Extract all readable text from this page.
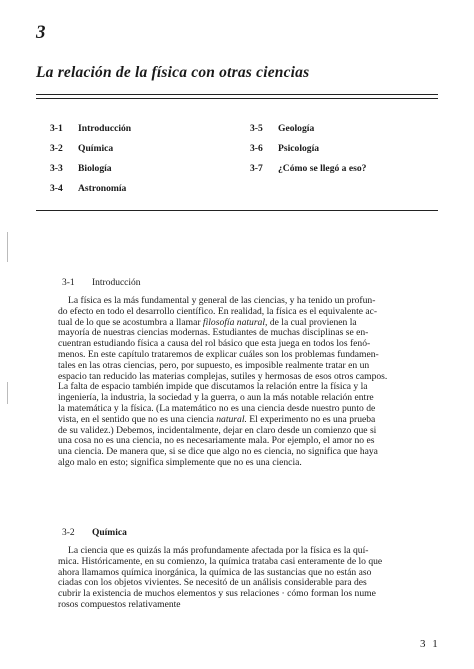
3
La relación de la física con otras ciencias
3-1 Introducción
3-2 Química
3-3 Biología
3-4 Astronomía
3-5 Geología
3-6 Psicología
3-7 ¿Cómo se llegó a eso?
3-1 Introducción
La física es la más fundamental y general de las ciencias, y ha tenido un profun-
do efecto en todo el desarrollo científico. En realidad, la física es el equivalente ac-
tual de lo que se acostumbra a llamar filosofía natural, de la cual provienen la
mayoría de nuestras ciencias modernas. Estudiantes de muchas disciplinas se en-
cuentran estudiando física a causa del rol básico que esta juega en todos los fenó-
menos. En este capítulo trataremos de explicar cuáles son los problemas fundamen-
tales en las otras ciencias, pero, por supuesto, es imposible realmente tratar en un
espacio tan reducido las materias complejas, sutiles y hermosas de esos otros campos.
La falta de espacio también impide que discutamos la relación entre la física y la
ingeniería, la industria, la sociedad y la guerra, o aun la más notable relación entre
la matemática y la física. (La matemático no es una ciencia desde nuestro punto de
vista, en el sentido que no es una ciencia natural. El experimento no es una prueba
de su validez.) Debemos, incidentalmente, dejar en claro desde un comienzo que si
una cosa no es una ciencia, no es necesariamente mala. Por ejemplo, el amor no es
una ciencia. De manera que, si se dice que algo no es ciencia, no significa que haya
algo malo en esto; significa simplemente que no es una ciencia.
3-2 Química
La ciencia que es quizás la más profundamente afectada por la física es la quí-
mica. Históricamente, en su comienzo, la química trataba casi enteramente de lo que
ahora llamamos química inorgánica, la química de las sustancias que no están aso
ciadas con los objetos vivientes. Se necesitó de un análisis considerable para des
cubrir la existencia de muchos elementos y sus relaciones · cómo forman los nume
rosos compuestos relativamente
3 1
